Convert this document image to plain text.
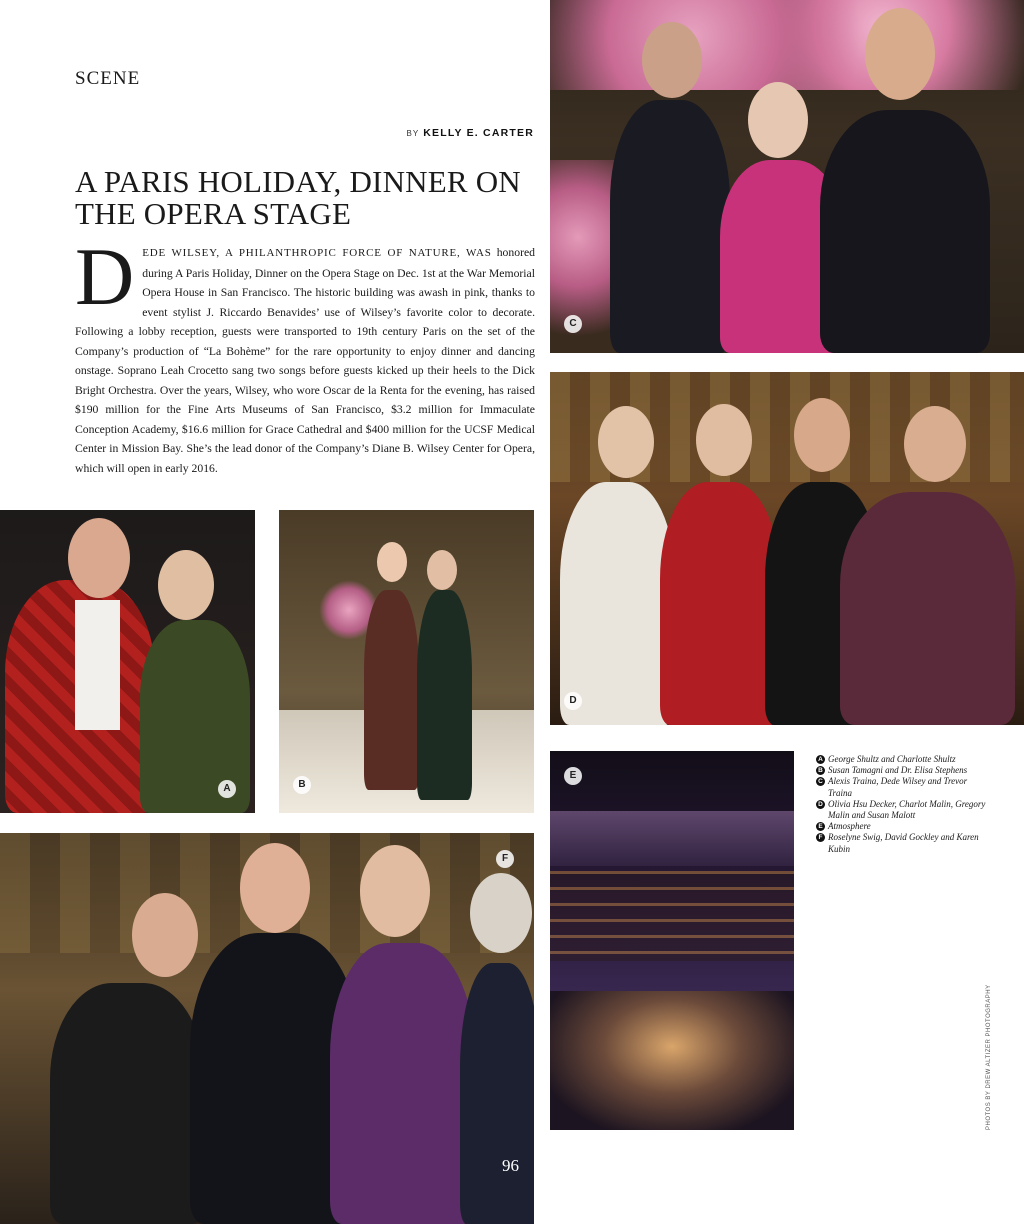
SCENE
BY KELLY E. CARTER
A PARIS HOLIDAY, DINNER ON THE OPERA STAGE
DEDE WILSEY, A PHILANTHROPIC FORCE OF NATURE, WAS honored during A Paris Holiday, Dinner on the Opera Stage on Dec. 1st at the War Memorial Opera House in San Francisco. The historic building was awash in pink, thanks to event stylist J. Riccardo Benavides’ use of Wilsey’s favorite color to decorate. Following a lobby reception, guests were transported to 19th century Paris on the set of the Company’s production of “La Bohème” for the rare opportunity to enjoy dinner and dancing onstage. Soprano Leah Crocetto sang two songs before guests kicked up their heels to the Dick Bright Orchestra. Over the years, Wilsey, who wore Oscar de la Renta for the evening, has raised $190 million for the Fine Arts Museums of San Francisco, $3.2 million for Immaculate Conception Academy, $16.6 million for Grace Cathedral and $400 million for the UCSF Medical Center in Mission Bay. She’s the lead donor of the Company’s Diane B. Wilsey Center for Opera, which will open in early 2016.
C
D
A	B
E
F
96
A George Shultz and Charlotte Shultz
B Susan Tamagni and Dr. Elisa Stephens
C Alexis Traina, Dede Wilsey and Trevor Traina
D Olivia Hsu Decker, Charlot Malin, Gregory Malin and Susan Malott
E Atmosphere
F Roselyne Swig, David Gockley and Karen Kubin
PHOTOS BY DREW ALTIZER PHOTOGRAPHY
